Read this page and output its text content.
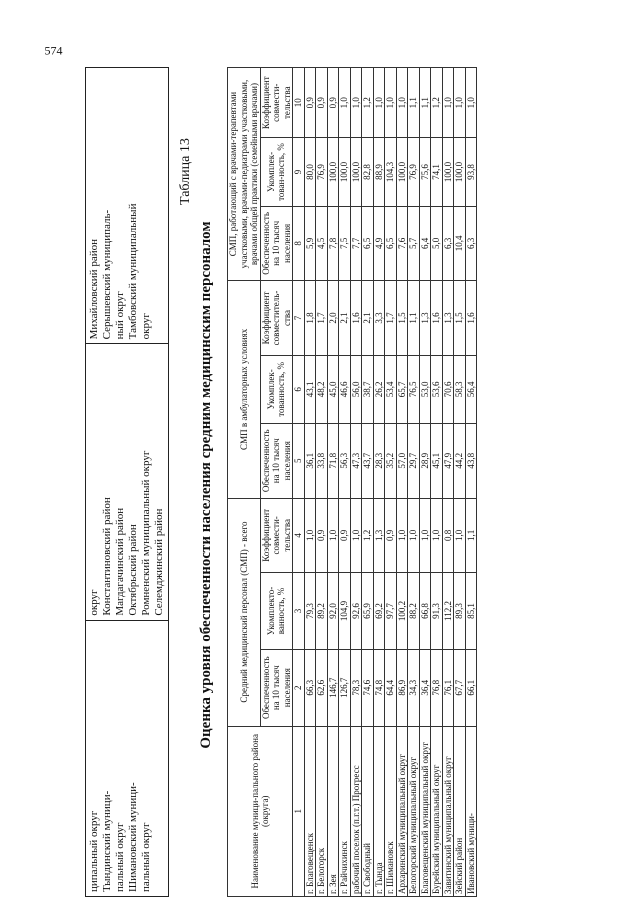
574
ципальный округ Тындинский муници- пальный округ Шимановский муници- пальный округ

округ Константиновский район Магдагачинский район Октябрьский район Ромненский муниципальный округ Селемджинский район

Михайловский район Серышевский муниципаль- ный округ Тамбовский муниципальный округ
Таблица 13
Оценка уровня обеспеченности населения средним медицинским персоналом
Наименование муници-пального района (округа)	Средний медицинский персонал (СМП) - всего			СМП в амбулаторных условиях			СМП, работающий с врачами-терапевтами участковыми, врачами-педиатрами участковыми, врачами общей практики (семейными врачами)		
	Обеспеченность на 10 тысяч населения	Укомплекто-ванность, %	Коэффициент совмести-тельства	Обеспеченность на 10 тысяч населения	Укомплек-тованность, %	Коэффициент совместитель-ства	Обеспеченность на 10 тысяч населения	Укомплек-тован-ность, %	Коэффициент совмести-тельства
1	2	3	4	5	6	7	8	9	10
г. Благовещенск	66,3	79,3	1,0	36,1	43,1	1,8	5,9	80,0	0,9
г. Белогорск	62,6	89,2	0,9	33,8	48,2	1,7	4,5	76,9	0,9
г. Зея	146,7	92,0	1,0	71,8	45,0	2,0	7,8	100,0	0,9
г. Райчихинск	126,7	104,9	0,9	56,3	46,6	2,1	7,5	100,0	1,0
рабочий поселок (п.г.т.) Прогресс	78,3	92,6	1,0	47,3	56,0	1,6	7,7	100,0	1,0
г. Свободный	74,6	65,9	1,2	43,7	38,7	2,1	6,5	82,8	1,2
г. Тында	74,8	69,2	1,3	28,3	26,2	3,3	4,9	88,9	1,0
г. Шимановск	64,4	97,7	0,9	35,2	53,4	1,7	6,5	104,3	1,0
Архаринский муниципальный округ	86,9	100,2	1,0	57,0	65,7	1,5	7,6	100,0	1,0
Белогорский муниципальный округ	34,3	88,2	1,0	29,7	76,5	1,1	5,7	76,9	1,1
Благовещенский муниципальный округ	36,4	66,8	1,0	28,9	53,0	1,3	6,4	75,6	1,1
Бурейский муниципальный округ	76,8	91,3	1,0	45,1	53,6	1,6	5,0	74,1	1,2
Завитинский муниципальный округ	76,1	112,2	0,8	47,9	70,6	1,3	6,3	100,0	1,0
Зейский район	67,7	89,3	1,0	44,2	58,3	1,5	10,4	100,0	1,0
Ивановский муници-	66,1	85,1	1,1	43,8	56,4	1,6	6,3	93,8	1,0
